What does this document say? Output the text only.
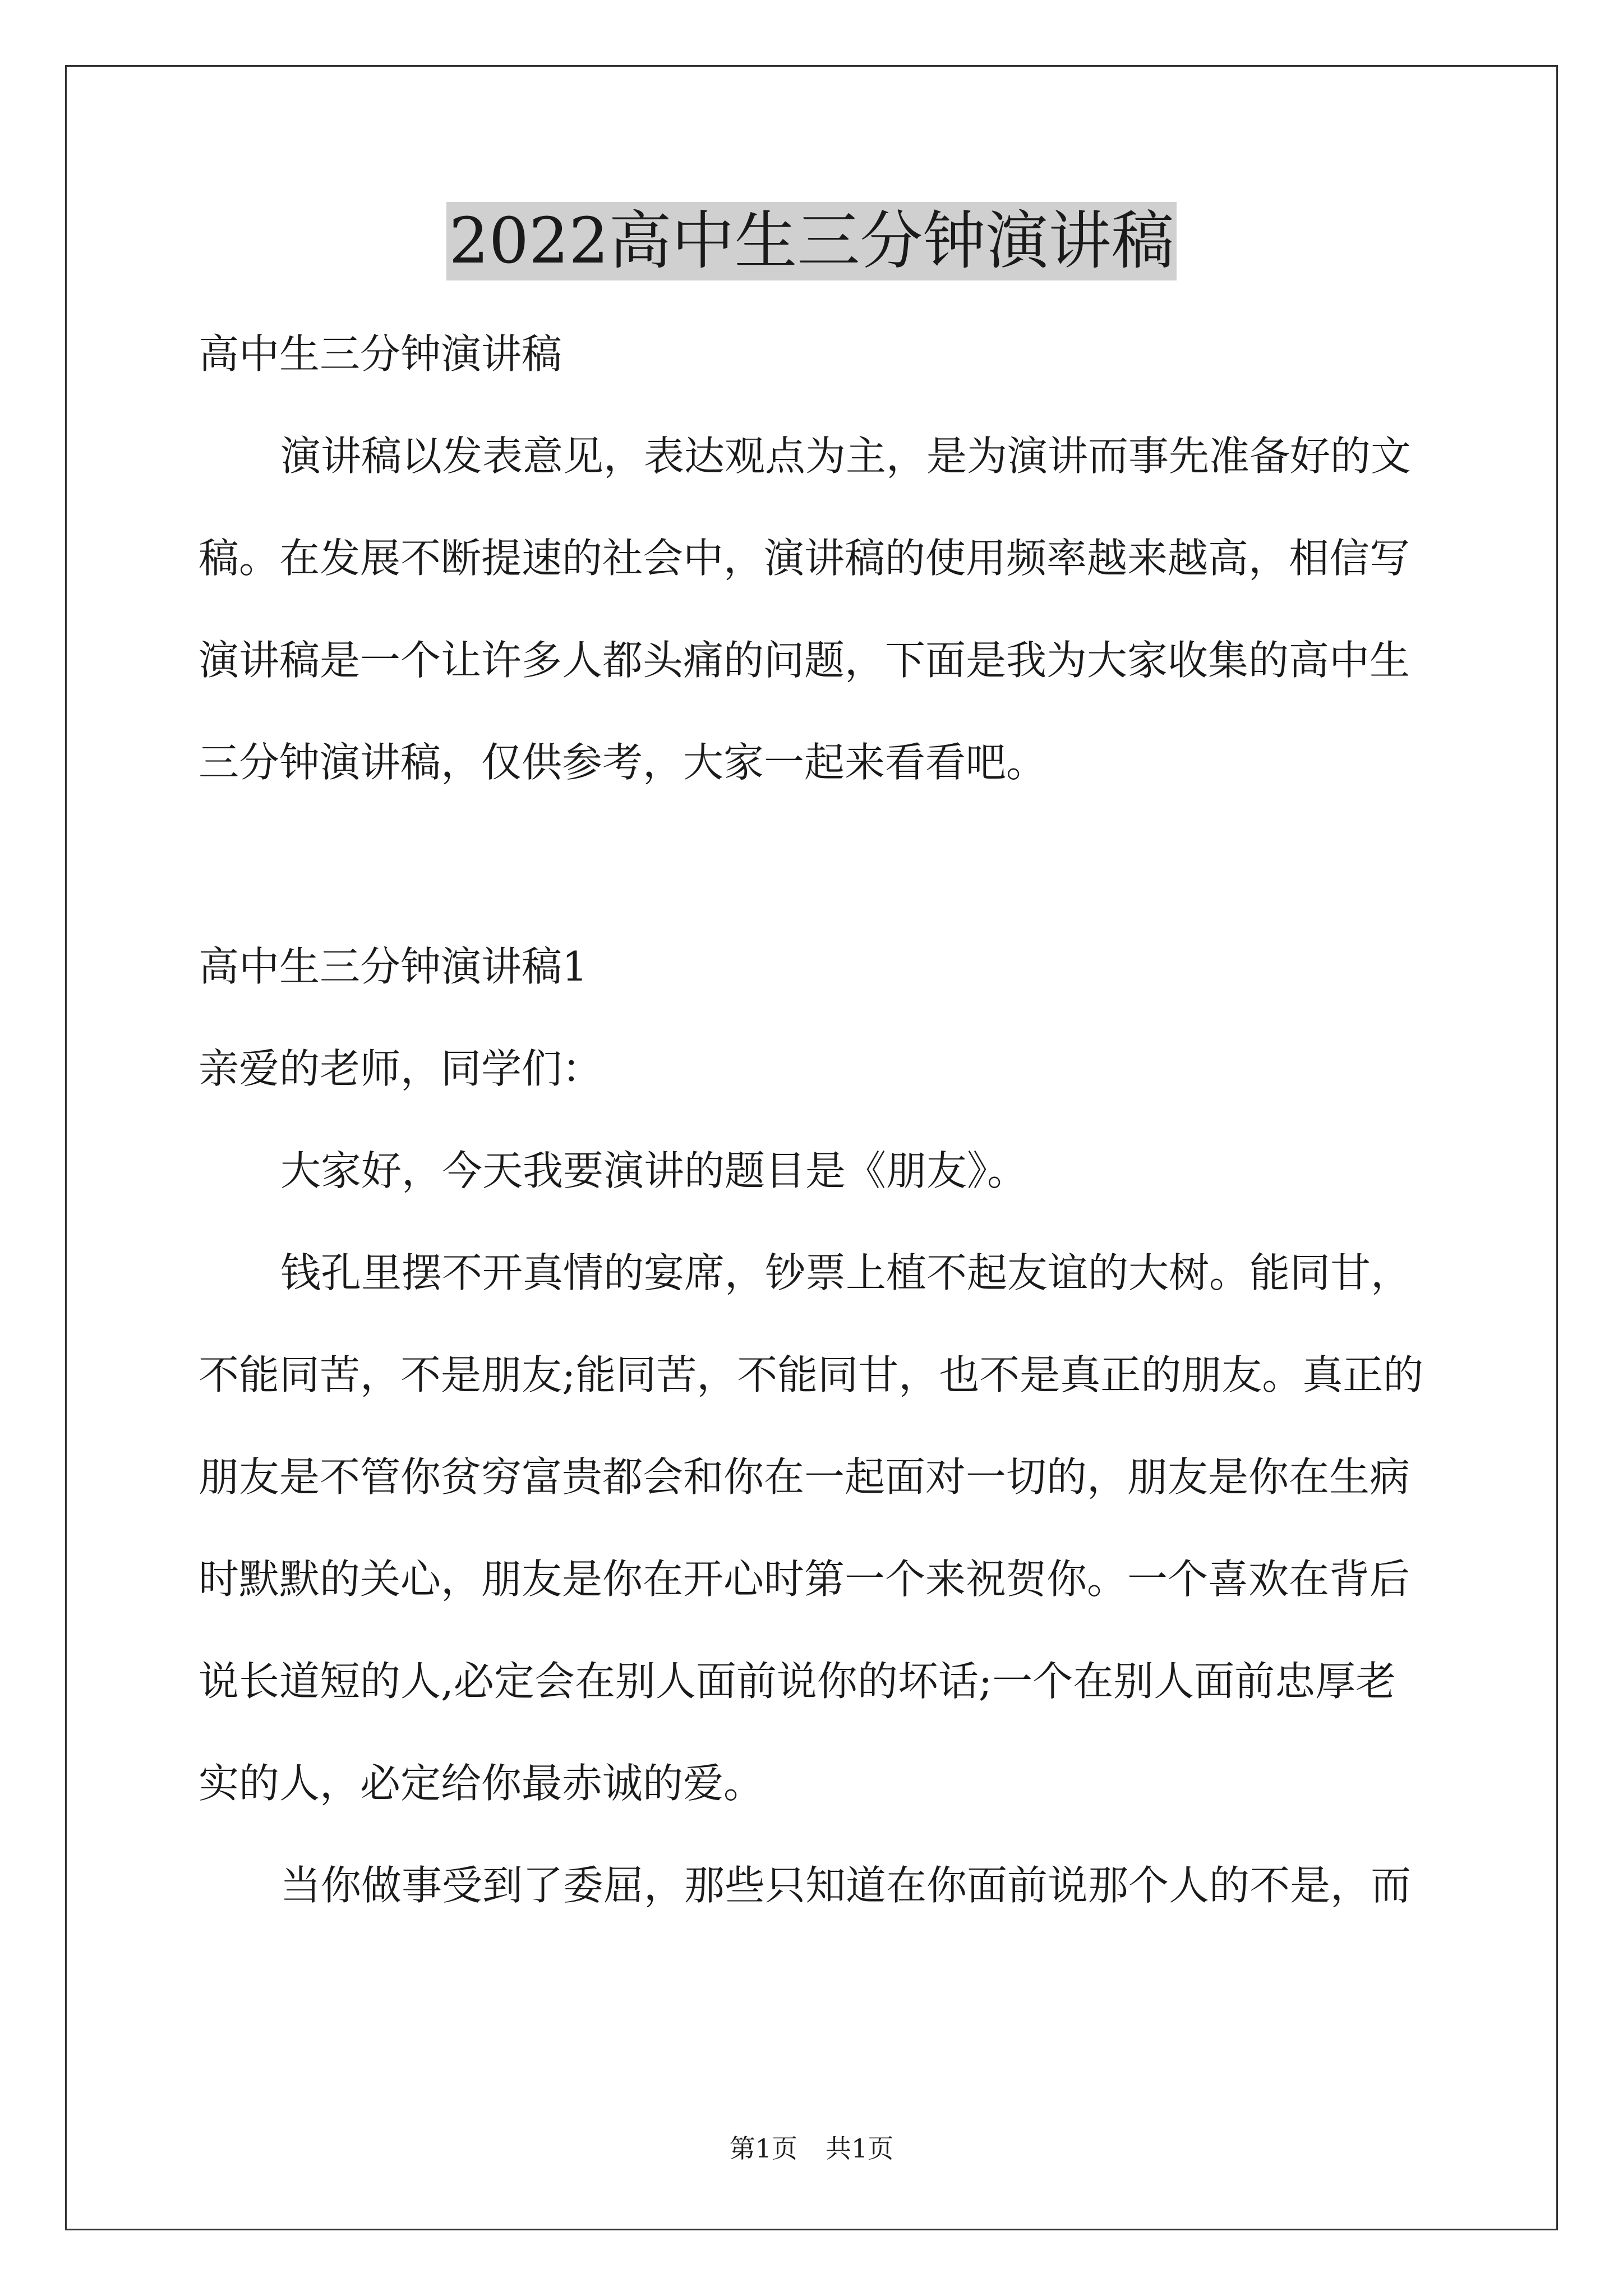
2022高中生三分钟演讲稿
高中生三分钟演讲稿
演讲稿以发表意见，表达观点为主，是为演讲而事先准备好的文
稿。在发展不断提速的社会中，演讲稿的使用频率越来越高，相信写
演讲稿是一个让许多人都头痛的问题，下面是我为大家收集的高中生
三分钟演讲稿，仅供参考，大家一起来看看吧。
高中生三分钟演讲稿1
亲爱的老师，同学们：
大家好，今天我要演讲的题目是《朋友》。
钱孔里摆不开真情的宴席，钞票上植不起友谊的大树。能同甘，
不能同苦，不是朋友;能同苦，不能同甘，也不是真正的朋友。真正的
朋友是不管你贫穷富贵都会和你在一起面对一切的，朋友是你在生病
时默默的关心，朋友是你在开心时第一个来祝贺你。一个喜欢在背后
说长道短的人,必定会在别人面前说你的坏话;一个在别人面前忠厚老
实的人，必定给你最赤诚的爱。
当你做事受到了委屈，那些只知道在你面前说那个人的不是，而
第1页 共1页
